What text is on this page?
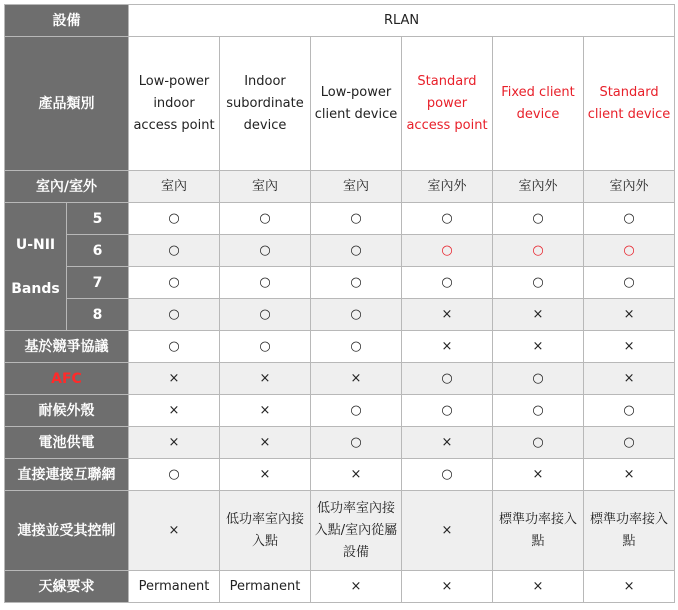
設備		RLAN					
產品類別		Low-power indoor access point	Indoor subordinate device	Low-power client device	Standard power access point	Fixed client device	Standard client device
室內/室外		室內	室內	室內	室內外	室內外	室內外
U-NII

Bands	5	○	○	○	○	○	○
	6	○	○	○	○	○	○
	7	○	○	○	○	○	○
	8	○	○	○	×	×	×
基於競爭協議		○	○	○	×	×	×
AFC		×	×	×	○	○	×
耐候外殼		×	×	○	○	○	○
電池供電		×	×	○	×	○	○
直接連接互聯網		○	×	×	○	×	×
連接並受其控制		×	低功率室內接入點	低功率室內接入點/室內從屬設備	×	標準功率接入點	標準功率接入點
天線要求		Permanent	Permanent	×	×	×	×
